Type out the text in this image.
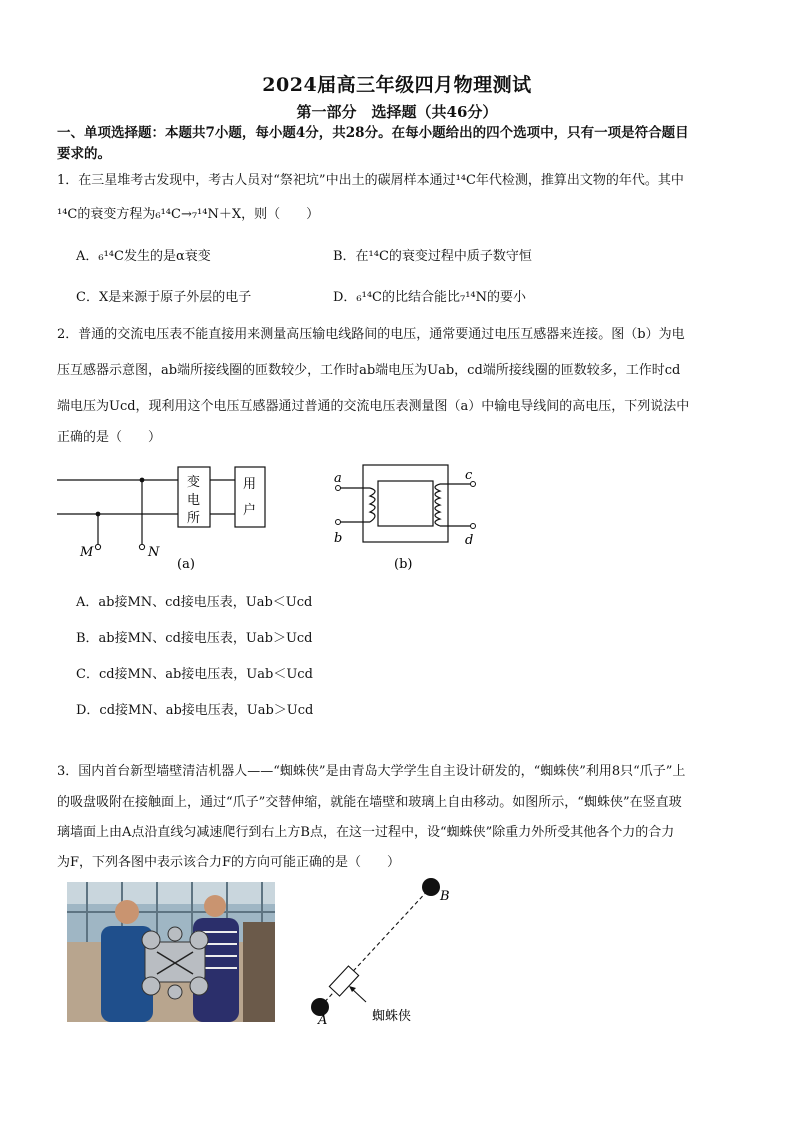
2024届高三年级四月物理测试
第一部分　选择题（共46分）
一、单项选择题：本题共7小题，每小题4分，共28分。在每小题给出的四个选项中，只有一项是符合题目
要求的。
1．在三星堆考古发现中，考古人员对“祭祀坑”中出土的碳屑样本通过¹⁴C年代检测，推算出文物的年代。其中
¹⁴C的衰变方程为₆¹⁴C→₇¹⁴N＋X，则（　　）
A．₆¹⁴C发生的是α衰变	B．在¹⁴C的衰变过程中质子数守恒
C．X是来源于原子外层的电子	D．₆¹⁴C的比结合能比₇¹⁴N的要小
2．普通的交流电压表不能直接用来测量高压输电线路间的电压，通常要通过电压互感器来连接。图（b）为电
压互感器示意图，ab端所接线圈的匝数较少，工作时ab端电压为Uab，cd端所接线圈的匝数较多，工作时cd
端电压为Ucd，现利用这个电压互感器通过普通的交流电压表测量图（a）中输电导线间的高电压，下列说法中
正确的是（　　）
变
电
所
用
户
M	N
(a)
a
b
c
d
(b)
A．ab接MN、cd接电压表，Uab＜Ucd
B．ab接MN、cd接电压表，Uab＞Ucd
C．cd接MN、ab接电压表，Uab＜Ucd
D．cd接MN、ab接电压表，Uab＞Ucd
3．国内首台新型墙壁清洁机器人——“蜘蛛侠”是由青岛大学学生自主设计研发的，“蜘蛛侠”利用8只“爪子”上
的吸盘吸附在接触面上，通过“爪子”交替伸缩，就能在墙壁和玻璃上自由移动。如图所示，“蜘蛛侠”在竖直玻
璃墙面上由A点沿直线匀减速爬行到右上方B点，在这一过程中，设“蜘蛛侠”除重力外所受其他各个力的合力
为F，下列各图中表示该合力F的方向可能正确的是（　　）
B
A	蜘蛛侠
